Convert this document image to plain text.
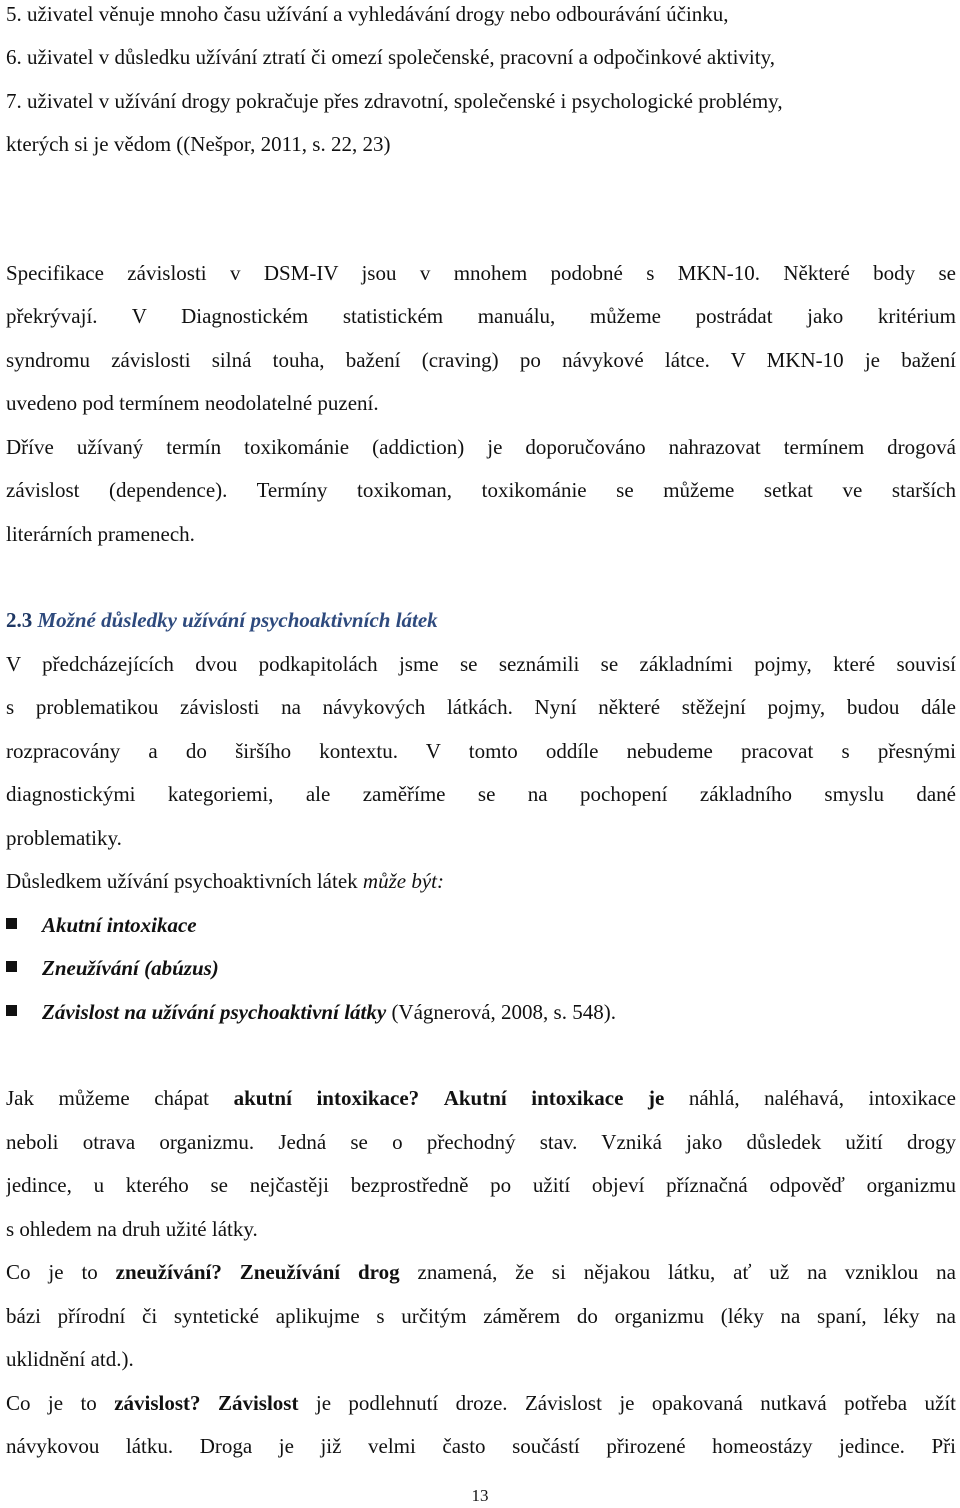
5. uživatel věnuje mnoho času užívání a vyhledávání drogy nebo odbourávání účinku,
6. uživatel v důsledku užívání ztratí či omezí společenské, pracovní a odpočinkové aktivity,
7. uživatel v užívání drogy pokračuje přes zdravotní, společenské i psychologické problémy,
kterých si je vědom ((Nešpor, 2011, s. 22, 23)
Specifikace závislosti v DSM-IV jsou v mnohem podobné s MKN-10. Některé body se
překrývají. V Diagnostickém statistickém manuálu, můžeme postrádat jako kritérium
syndromu závislosti silná touha, bažení (craving) po návykové látce. V MKN-10 je bažení
uvedeno pod termínem neodolatelné puzení.
Dříve užívaný termín toxikománie (addiction) je doporučováno nahrazovat termínem drogová
závislost (dependence). Termíny toxikoman, toxikománie se můžeme setkat ve starších
literárních pramenech.
2.3 Možné důsledky užívání psychoaktivních látek
V předcházejících dvou podkapitolách jsme se seznámili se základními pojmy, které souvisí
s problematikou závislosti na návykových látkách. Nyní některé stěžejní pojmy, budou dále
rozpracovány a do širšího kontextu. V tomto oddíle nebudeme pracovat s přesnými
diagnostickými kategoriemi, ale zaměříme se na pochopení základního smyslu dané
problematiky.
Důsledkem užívání psychoaktivních látek může být:
Akutní intoxikace
Zneužívání (abúzus)
Závislost na užívání psychoaktivní látky (Vágnerová, 2008, s. 548).
Jak můžeme chápat akutní intoxikace? Akutní intoxikace je náhlá, naléhavá, intoxikace
neboli otrava organizmu. Jedná se o přechodný stav. Vzniká jako důsledek užití drogy
jedince, u kterého se nejčastěji bezprostředně po užití objeví příznačná odpověď organizmu
s ohledem na druh užité látky.
Co je to zneužívání? Zneužívání drog znamená, že si nějakou látku, ať už na vzniklou na
bázi přírodní či syntetické aplikujme s určitým záměrem do organizmu (léky na spaní, léky na
uklidnění atd.).
Co je to závislost? Závislost je podlehnutí droze. Závislost je opakovaná nutkavá potřeba užít
návykovou látku. Droga je již velmi často součástí přirozené homeostázy jedince. Při
13
